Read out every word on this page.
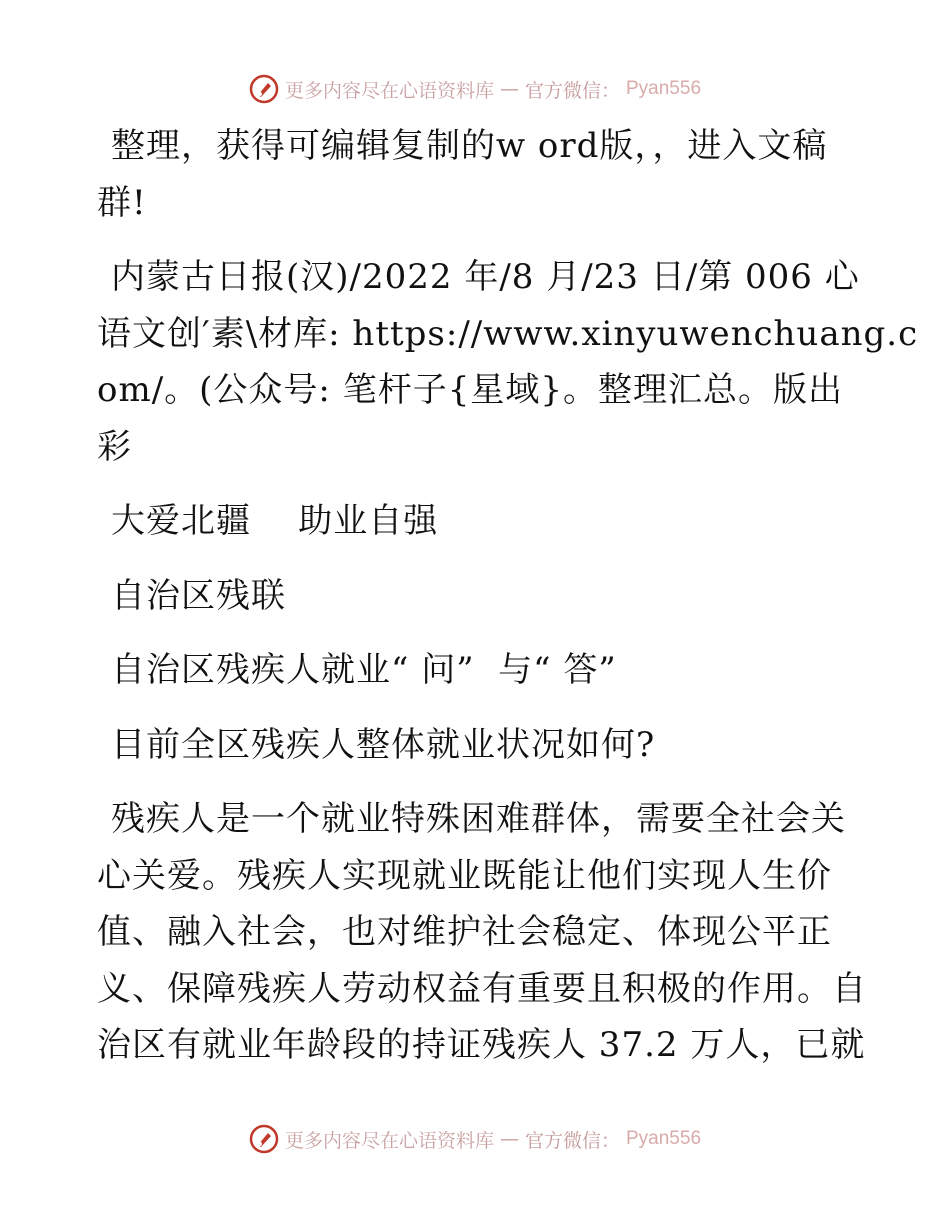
更多内容尽在心语资料库 — 官方微信： Pyan556
整理，获得可编辑复制的w ord版，，进入文稿
群!
内蒙古日报(汉)/2022 年/8 月/23 日/第 006 心
语文创′素\材库: https://www.xinyuwenchuang.c
om/。(公众号: 笔杆子{星域}。整理汇总。版出
彩
大爱北疆    助业自强
自治区残联
自治区残疾人就业“ 问”  与“ 答”
目前全区残疾人整体就业状况如何?
残疾人是一个就业特殊困难群体，需要全社会关
心关爱。残疾人实现就业既能让他们实现人生价
值、融入社会，也对维护社会稳定、体现公平正
义、保障残疾人劳动权益有重要且积极的作用。自
治区有就业年龄段的持证残疾人 37.2 万人，已就
更多内容尽在心语资料库 — 官方微信： Pyan556
